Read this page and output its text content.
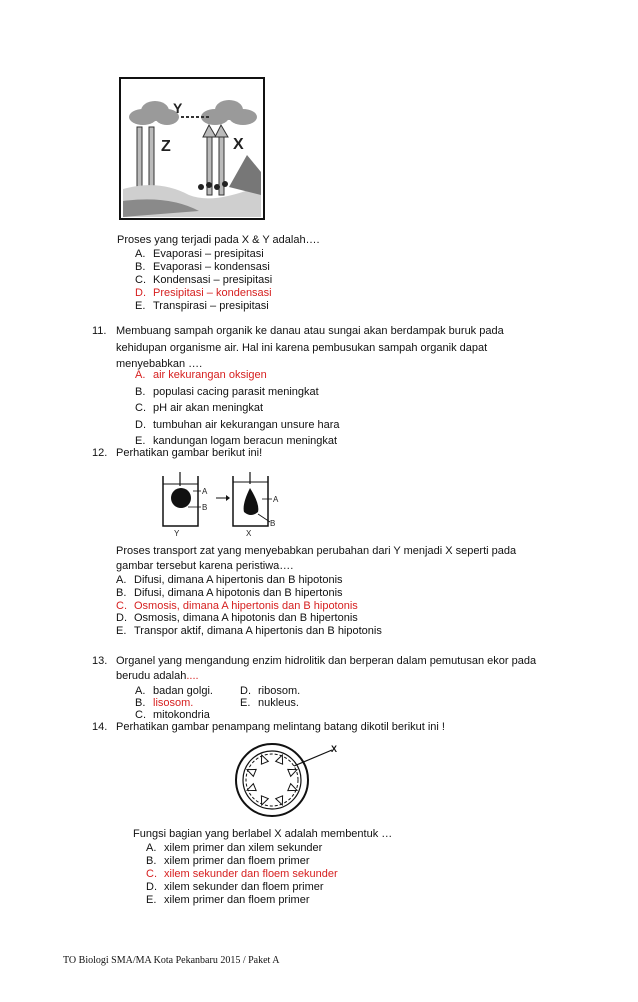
Y
Z	X
Proses yang terjadi pada X & Y adalah….
A. Evaporasi – presipitasi
B. Evaporasi – kondensasi
C. Kondensasi – presipitasi
D. Presipitasi – kondensasi
E. Transpirasi – presipitasi
11. Membuang sampah organik ke danau atau sungai akan berdampak buruk pada
kehidupan organisme air. Hal ini karena pembusukan sampah organik dapat
menyebabkan ….
A. air kekurangan oksigen
B. populasi cacing parasit meningkat
C. pH air akan meningkat
D. tumbuhan air kekurangan unsure hara
E. kandungan logam beracun meningkat
12. Perhatikan gambar berikut ini!
A
B
Y
A
B
X
Proses transport zat yang menyebabkan perubahan dari Y menjadi X seperti pada
gambar tersebut karena peristiwa….
A. Difusi, dimana A hipertonis dan B hipotonis
B. Difusi, dimana A hipotonis dan B hipertonis
C. Osmosis, dimana A hipertonis dan B hipotonis
D. Osmosis, dimana A hipotonis dan B hipertonis
E. Transpor aktif, dimana A hipertonis dan B hipotonis
13. Organel yang mengandung enzim hidrolitik dan berperan dalam pemutusan ekor pada
berudu adalah....
A. badan golgi. D. ribosom.
B. lisosom.	E. nukleus.
C. mitokondria
14. Perhatikan gambar penampang melintang batang dikotil berikut ini !
X
Fungsi bagian yang berlabel X adalah membentuk …
A. xilem primer dan xilem sekunder
B. xilem primer dan floem primer
C. xilem sekunder dan floem sekunder
D. xilem sekunder dan floem primer
E. xilem primer dan floem primer
TO Biologi SMA/MA Kota Pekanbaru 2015 / Paket A
